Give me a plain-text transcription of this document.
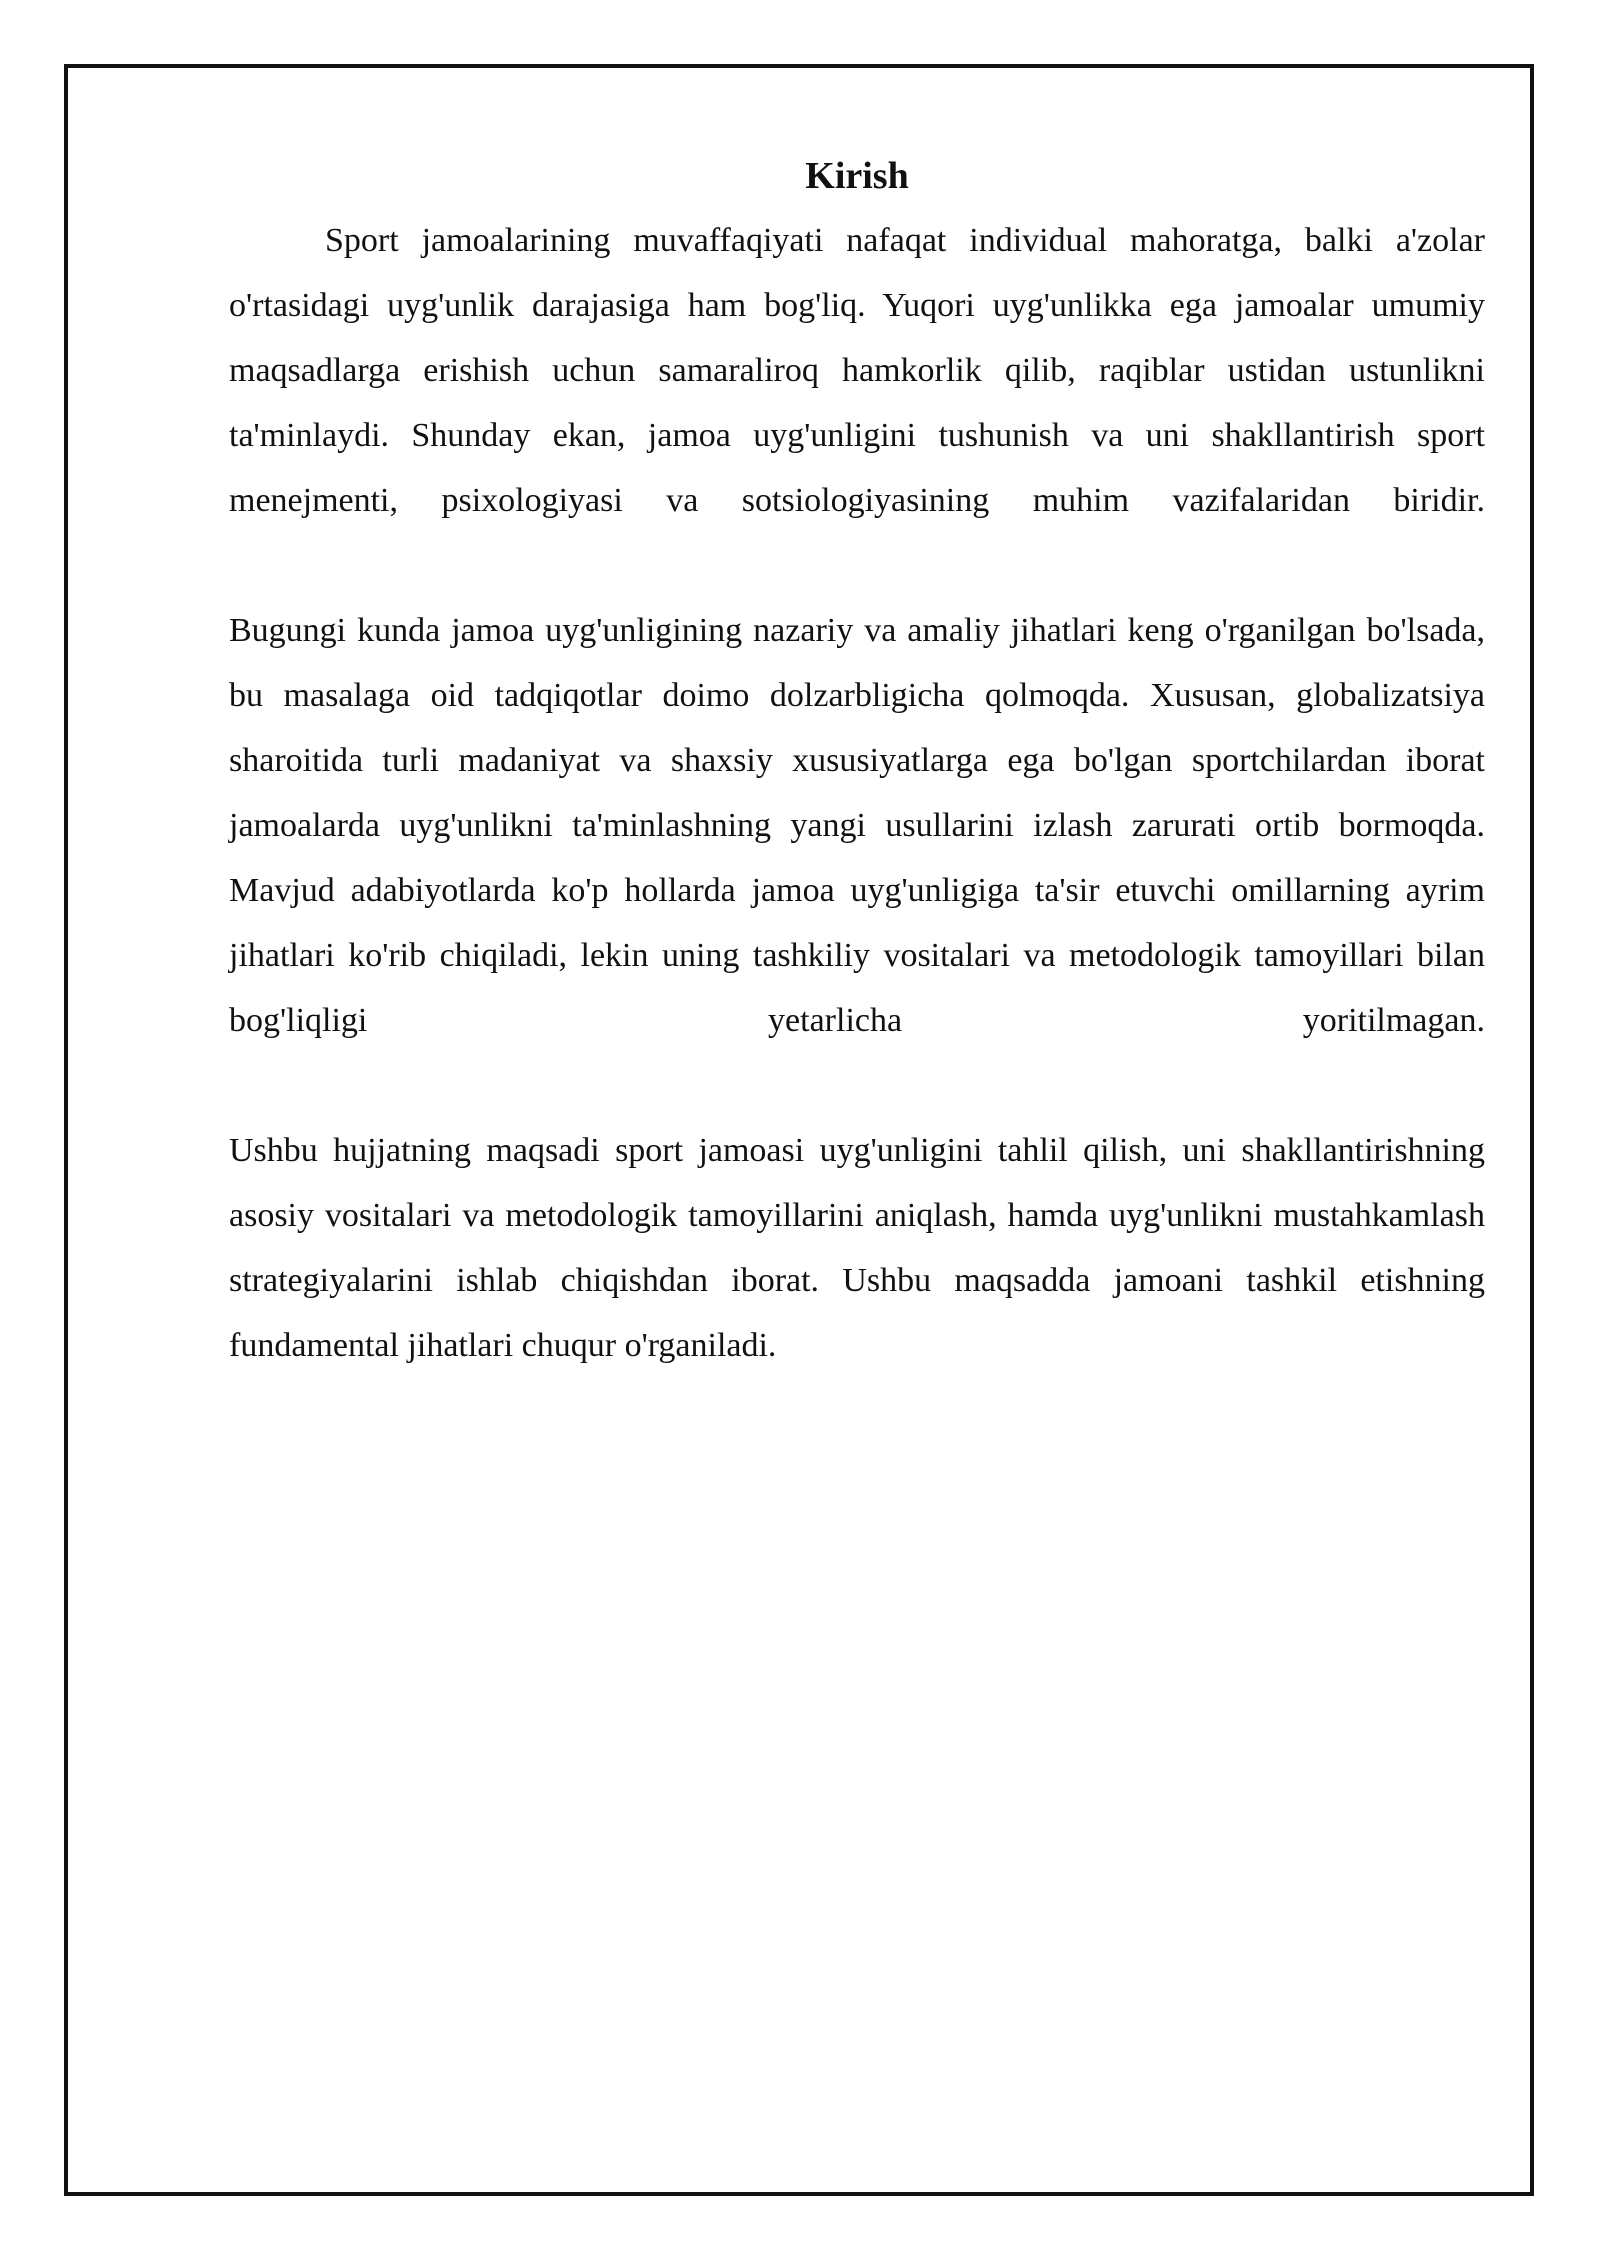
Kirish

Sport jamoalarining muvaffaqiyati nafaqat individual mahoratga, balki a'zolar o'rtasidagi uyg'unlik darajasiga ham bog'liq. Yuqori uyg'unlikka ega jamoalar umumiy maqsadlarga erishish uchun samaraliroq hamkorlik qilib, raqiblar ustidan ustunlikni ta'minlaydi. Shunday ekan, jamoa uyg'unligini tushunish va uni shakllantirish sport menejmenti, psixologiyasi va sotsiologiyasining muhim vazifalaridan biridir.

Bugungi kunda jamoa uyg'unligining nazariy va amaliy jihatlari keng o'rganilgan bo'lsada, bu masalaga oid tadqiqotlar doimo dolzarbligicha qolmoqda. Xususan, globalizatsiya sharoitida turli madaniyat va shaxsiy xususiyatlarga ega bo'lgan sportchilardan iborat jamoalarda uyg'unlikni ta'minlashning yangi usullarini izlash zarurati ortib bormoqda. Mavjud adabiyotlarda ko'p hollarda jamoa uyg'unligiga ta'sir etuvchi omillarning ayrim jihatlari ko'rib chiqiladi, lekin uning tashkiliy vositalari va metodologik tamoyillari bilan bog'liqligi yetarlicha yoritilmagan.

Ushbu hujjatning maqsadi sport jamoasi uyg'unligini tahlil qilish, uni shakllantirishning asosiy vositalari va metodologik tamoyillarini aniqlash, hamda uyg'unlikni mustahkamlash strategiyalarini ishlab chiqishdan iborat. Ushbu maqsadda jamoani tashkil etishning fundamental jihatlari chuqur o'rganiladi.
